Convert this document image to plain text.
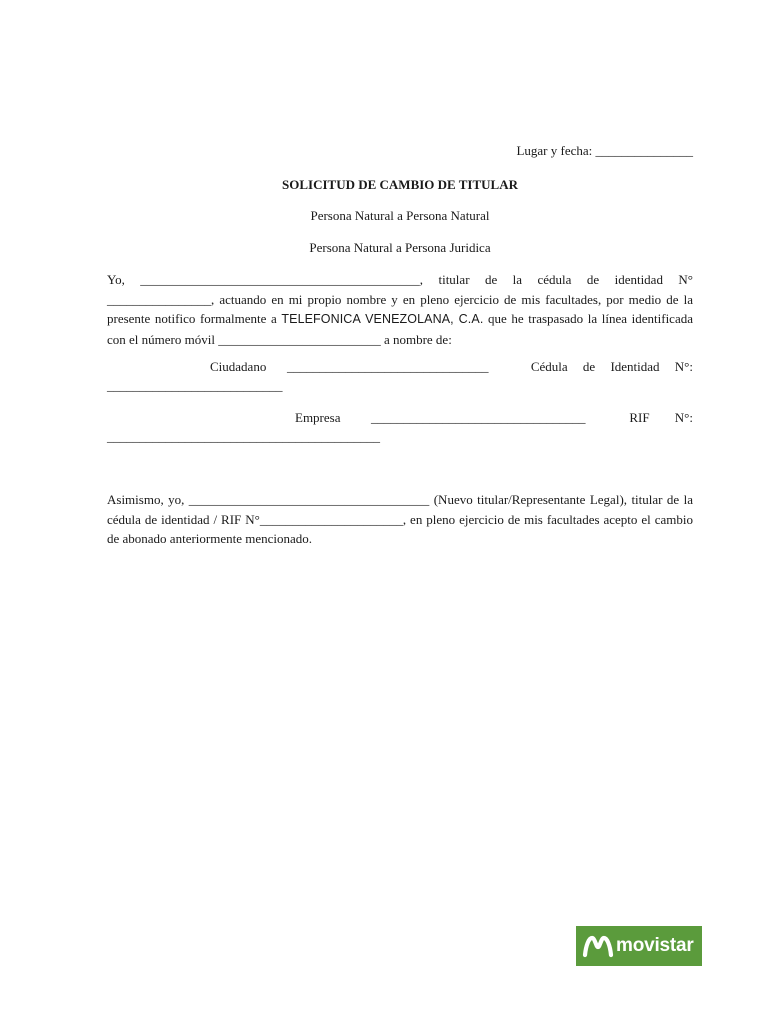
Lugar y fecha: _______________
SOLICITUD DE CAMBIO DE TITULAR
Persona Natural a Persona Natural
Persona Natural a Persona Juridica
Yo, ___________________________________________, titular de la cédula de identidad N° ________________, actuando en mi propio nombre y en pleno ejercicio de mis facultades, por medio de la presente notifico formalmente a TELEFONICA VENEZOLANA, C.A. que he traspasado la línea identificada con el número móvil _________________________ a nombre de:
Ciudadano _______________________________	Cédula de Identidad N°:
___________________________
Empresa _________________________________	RIF N°:
__________________________________________
Asimismo, yo, _____________________________________ (Nuevo titular/Representante Legal), titular de la cédula de identidad / RIF N°______________________, en pleno ejercicio de mis facultades acepto el cambio de abonado anteriormente mencionado.
movistar
